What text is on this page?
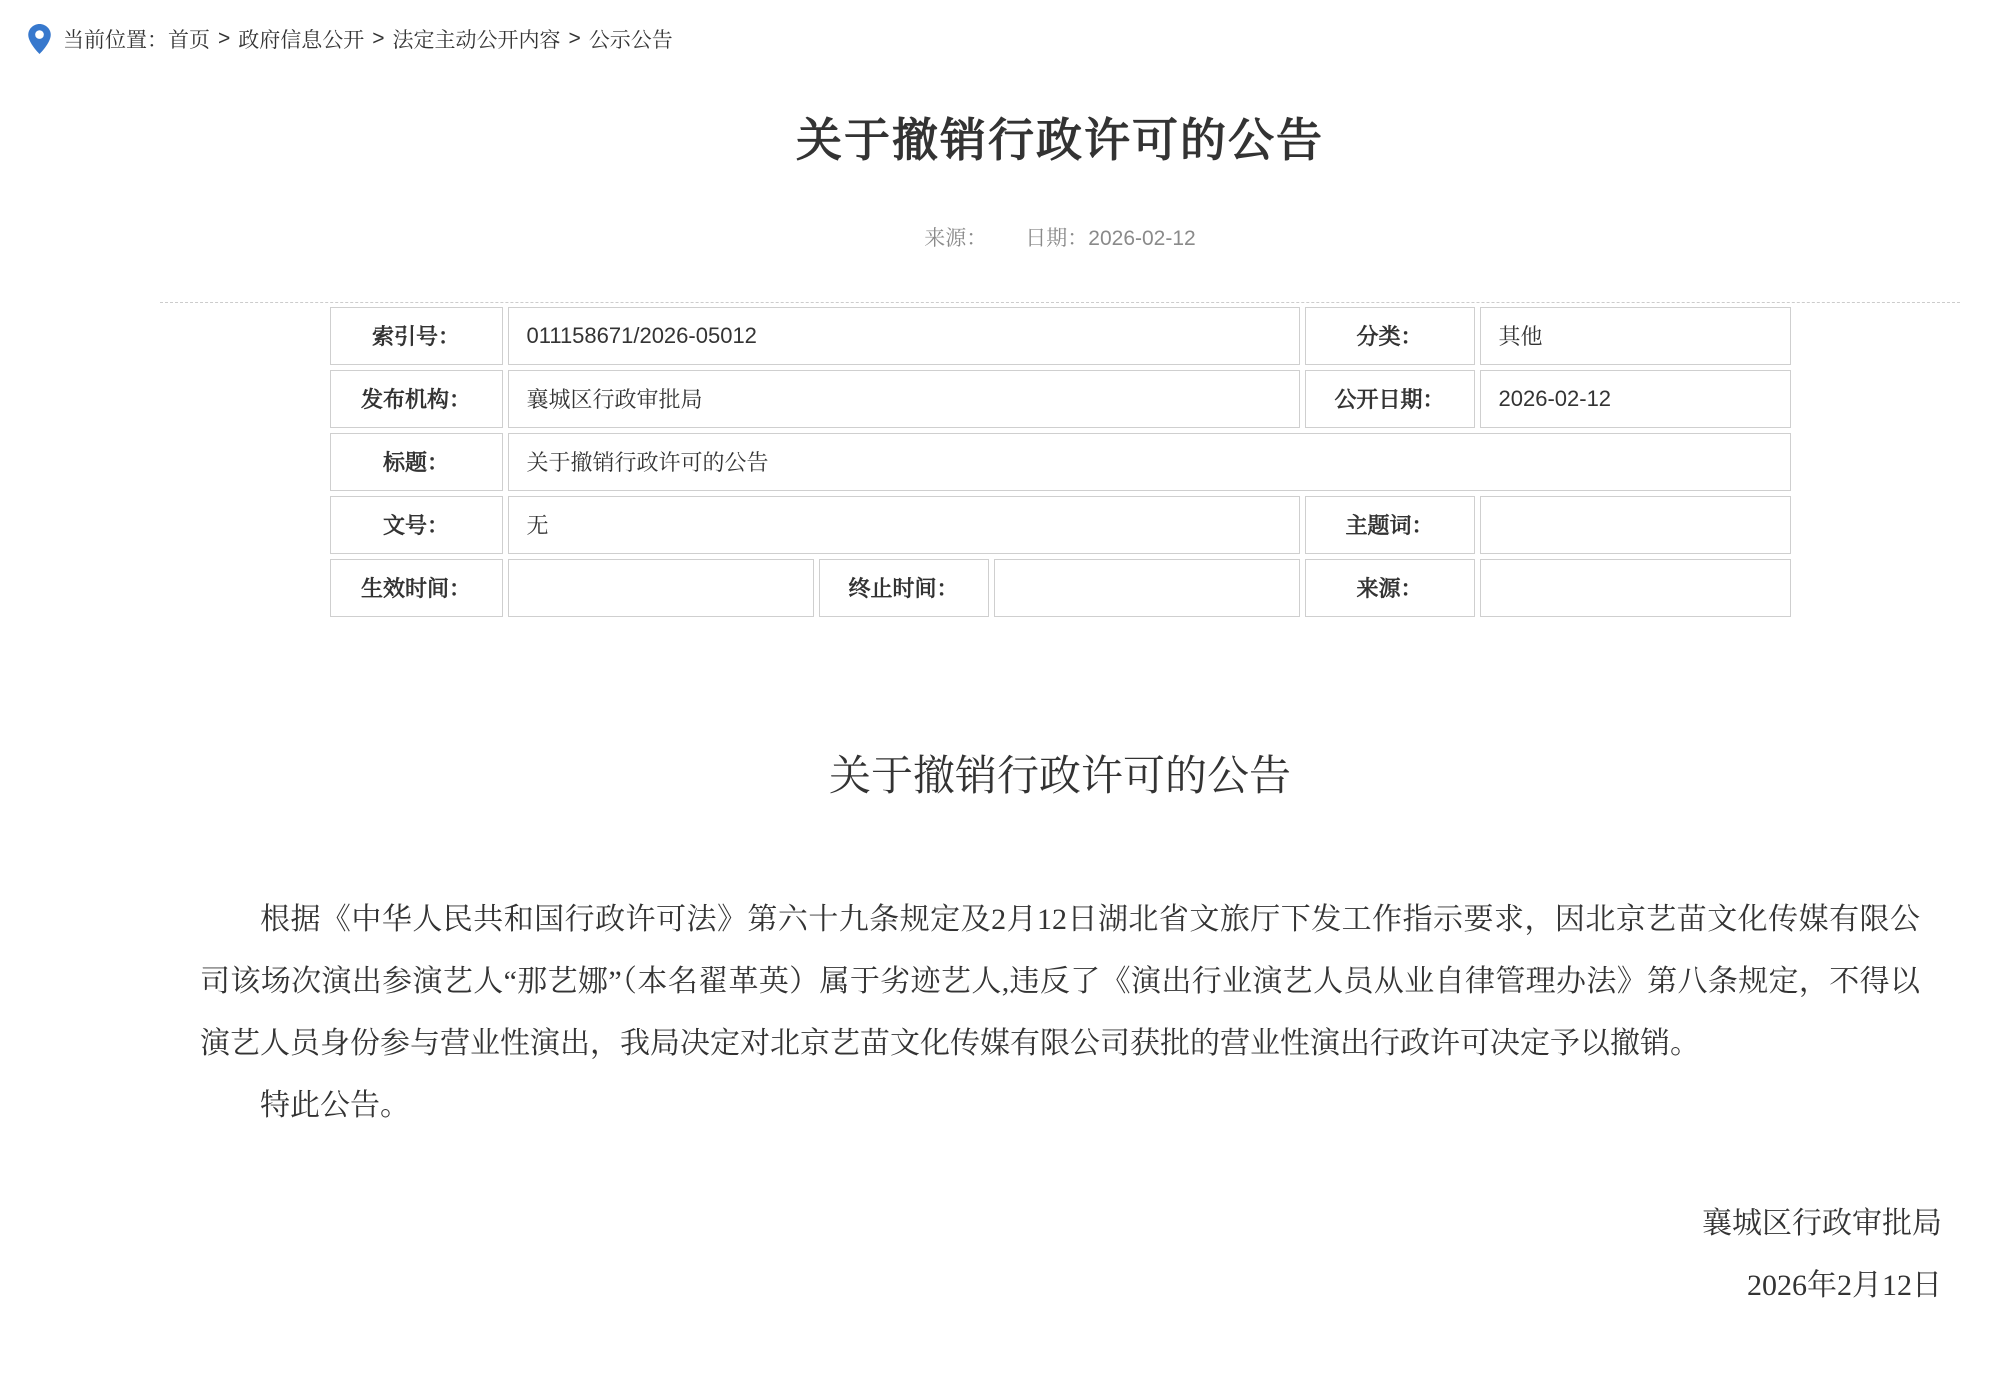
当前位置： 首页 > 政府信息公开 > 法定主动公开内容 > 公示公告
关于撤销行政许可的公告
来源： 日期：2026-02-12
索引号：	011158671/2026-05012	分类：	其他
发布机构：	襄城区行政审批局	公开日期：	2026-02-12
标题：	关于撤销行政许可的公告
文号：	无	主题词：
生效时间：	终止时间：	来源：
关于撤销行政许可的公告

根据《中华人民共和国行政许可法》第六十九条规定及2月12日湖北省文旅厅下发工作指示要求，因北京艺苗文化传媒有限公司该场次演出参演艺人“那艺娜”（本名翟革英）属于劣迹艺人,违反了《演出行业演艺人员从业自律管理办法》第八条规定，不得以演艺人员身份参与营业性演出，我局决定对北京艺苗文化传媒有限公司获批的营业性演出行政许可决定予以撤销。

特此公告。

襄城区行政审批局
2026年2月12日
